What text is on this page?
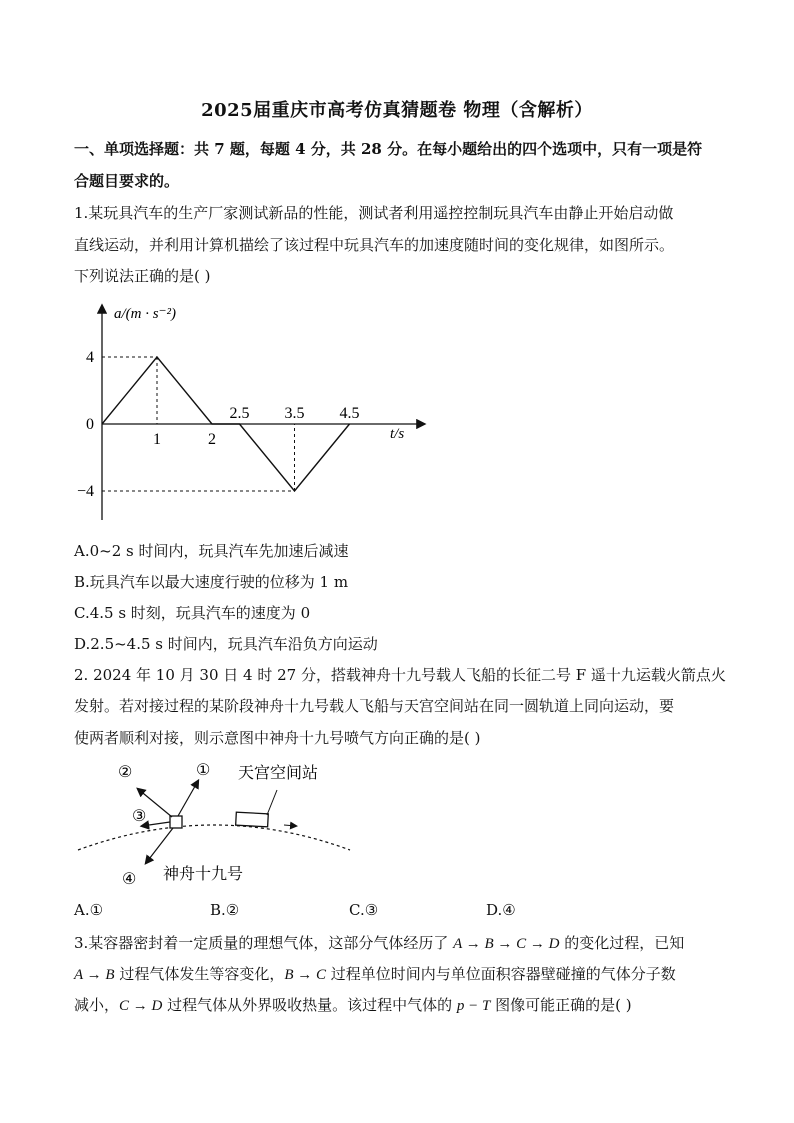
2025届重庆市高考仿真猜题卷 物理（含解析）
一、单项选择题：共 7 题，每题 4 分，共 28 分。在每小题给出的四个选项中，只有一项是符
合题目要求的。
1.某玩具汽车的生产厂家测试新品的性能，测试者利用遥控控制玩具汽车由静止开始启动做
直线运动，并利用计算机描绘了该过程中玩具汽车的加速度随时间的变化规律，如图所示。
下列说法正确的是( )
4
0
−4
1	2
2.5 3.5 4.5
a/(m · s⁻²)
t/s
A.0~2 s 时间内，玩具汽车先加速后减速
B.玩具汽车以最大速度行驶的位移为 1 m
C.4.5 s 时刻，玩具汽车的速度为 0
D.2.5~4.5 s 时间内，玩具汽车沿负方向运动
2. 2024 年 10 月 30 日 4 时 27 分，搭载神舟十九号载人飞船的长征二号 F 遥十九运载火箭点火
发射。若对接过程的某阶段神舟十九号载人飞船与天宫空间站在同一圆轨道上同向运动，要
使两者顺利对接，则示意图中神舟十九号喷气方向正确的是( )
①
②
③
④
天宫空间站
神舟十九号
A.①	B.②	C.③	D.④
3.某容器密封着一定质量的理想气体，这部分气体经历了 A → B → C → D 的变化过程，已知
A → B 过程气体发生等容变化，B → C 过程单位时间内与单位面积容器壁碰撞的气体分子数
减小，C → D 过程气体从外界吸收热量。该过程中气体的 p − T 图像可能正确的是( )
